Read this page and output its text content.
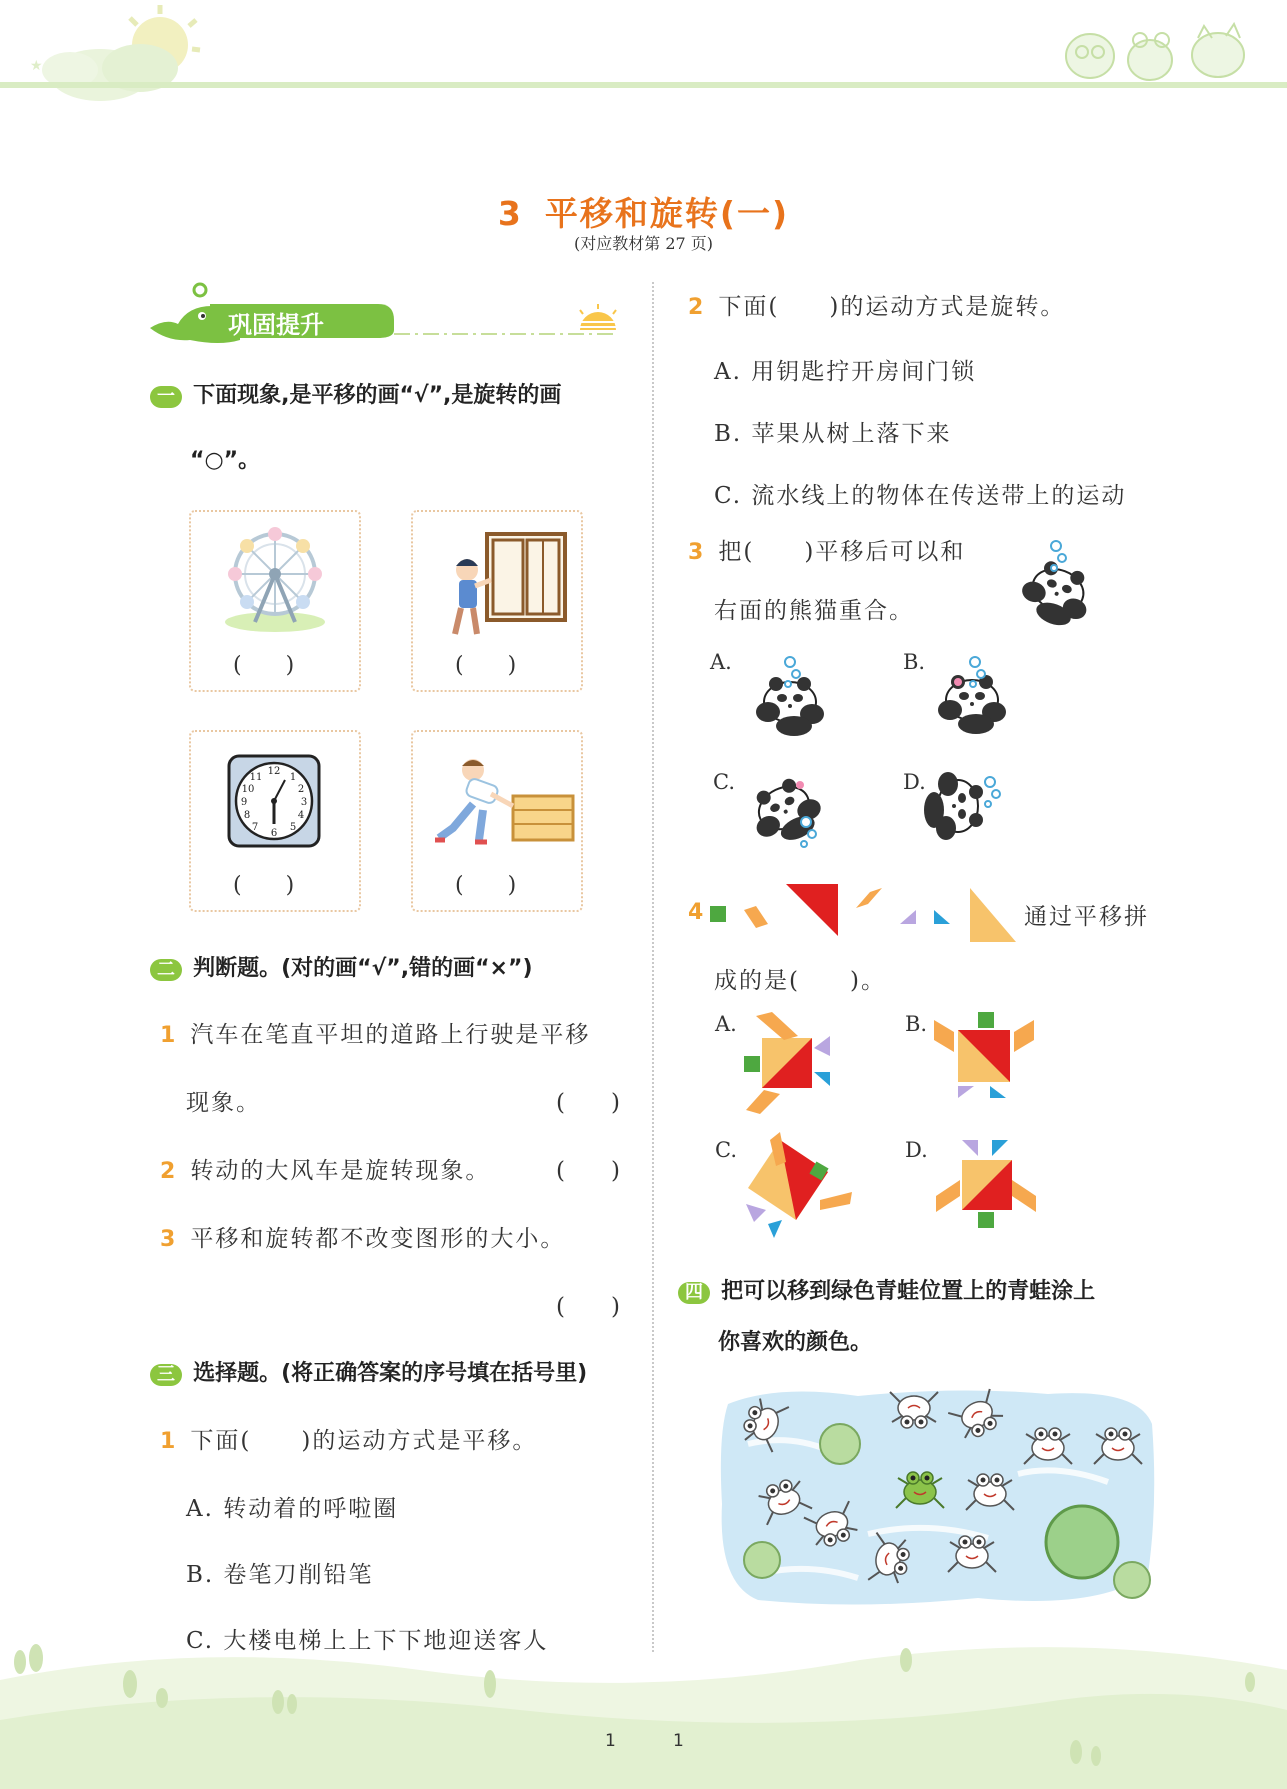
★
3 平移和旋转(一)
(对应教材第 27 页)
巩固提升
一 下面现象,是平移的画“√”,是旋转的画
“○”。
(　　)	(　　)
12
1
2
3
4
5
6
7
8
9
10
11
(　　)	(　　)
二 判断题。(对的画“√”,错的画“×”)
1 汽车在笔直平坦的道路上行驶是平移
现象。	(　　)
2 转动的大风车是旋转现象。	(　　)
3 平移和旋转都不改变图形的大小。
(　　)
三 选择题。(将正确答案的序号填在括号里)
1 下面(　　)的运动方式是平移。
A. 转动着的呼啦圈
B. 卷笔刀削铅笔
C. 大楼电梯上上下下地迎送客人
2 下面(　　)的运动方式是旋转。
A. 用钥匙拧开房间门锁
B. 苹果从树上落下来
C. 流水线上的物体在传送带上的运动
3 把(　　)平移后可以和
右面的熊猫重合。
A.	B.
C.	D.
4	通过平移拼
成的是(　　)。
A.	B.
C.	D.
四 把可以移到绿色青蛙位置上的青蛙涂上
你喜欢的颜色。
1	1
